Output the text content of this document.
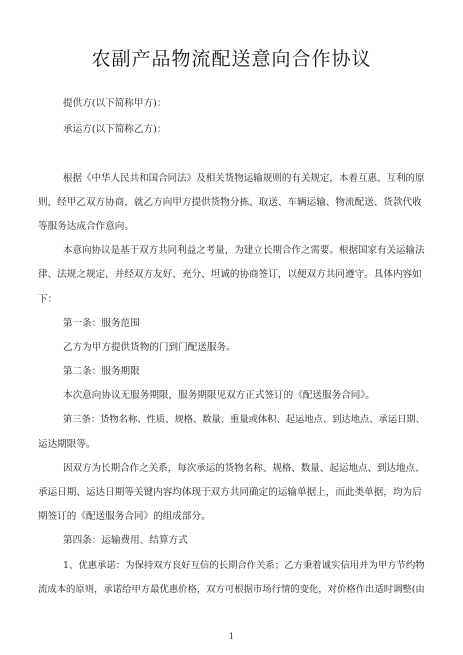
农副产品物流配送意向合作协议
提供方(以下简称甲方)：
承运方(以下简称乙方)：
根据《中华人民共和国合同法》及相关货物运输规则的有关规定，本着互惠、互利的原
则，经甲乙双方协商，就乙方向甲方提供货物分拣、取送、车辆运输、物流配送、货款代收
等服务达成合作意向。
本意向协议是基于双方共同利益之考量，为建立长期合作之需要。根据国家有关运输法
律、法规之规定，并经双方友好、充分、坦诚的协商签订，以便双方共同遵守。具体内容如
下：
第一条：服务范围
乙方为甲方提供货物的门到门配送服务。
第二条：服务期限
本次意向协议无服务期限，服务期限见双方正式签订的《配送服务合同》。
第三条：货物名称、性质、规格、数量、重量或体积、起运地点、到达地点、承运日期、
运达期限等。
因双方为长期合作之关系，每次承运的货物名称、规格、数量、起运地点、到达地点、
承运日期、运达日期等关键内容均体现于双方共同确定的运输单据上，而此类单据，均为后
期签订的《配送服务合同》的组成部分。
第四条：运输费用、结算方式
1、优惠承诺：为保持双方良好互信的长期合作关系；乙方秉着诚实信用并为甲方节约物
流成本的原则，承诺给甲方最优惠价格，双方可根据市场行情的变化，对价格作出适时调整(由
1
